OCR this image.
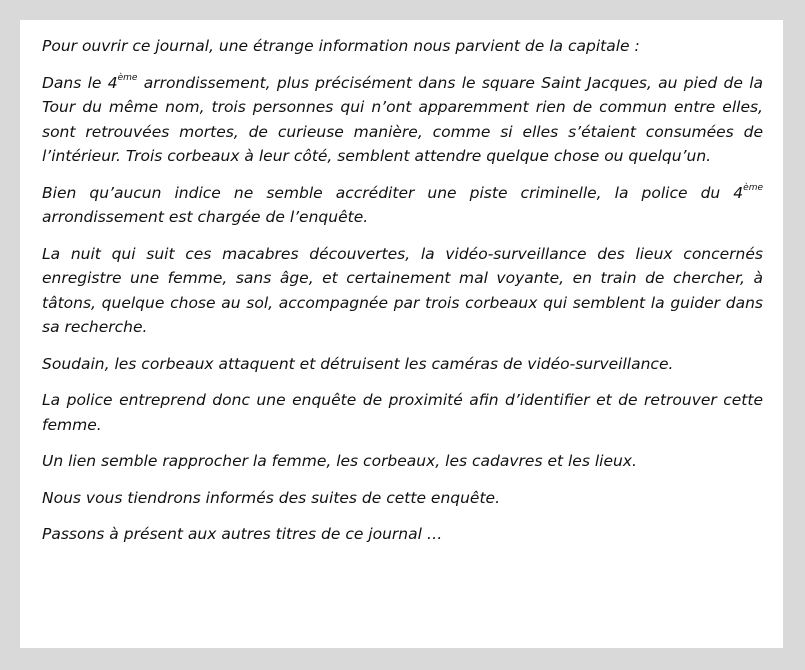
Pour ouvrir ce journal, une étrange information nous parvient de la capitale :

Dans le 4ème arrondissement, plus précisément dans le square Saint Jacques, au pied de la Tour du même nom, trois personnes qui n’ont apparemment rien de commun entre elles, sont retrouvées mortes, de curieuse manière, comme si elles s’étaient consumées de l’intérieur. Trois corbeaux à leur côté, semblent attendre quelque chose ou quelqu’un.

Bien qu’aucun indice ne semble accréditer une piste criminelle, la police du 4ème arrondissement est chargée de l’enquête.

La nuit qui suit ces macabres découvertes, la vidéo-surveillance des lieux concernés enregistre une femme, sans âge, et certainement mal voyante, en train de chercher, à tâtons, quelque chose au sol, accompagnée par trois corbeaux qui semblent la guider dans sa recherche.

Soudain, les corbeaux attaquent et détruisent les caméras de vidéo-surveillance.

La police entreprend donc une enquête de proximité afin d’identifier et de retrouver cette femme.

Un lien semble rapprocher la femme, les corbeaux, les cadavres et les lieux.

Nous vous tiendrons informés des suites de cette enquête.

Passons à présent aux autres titres de ce journal …
